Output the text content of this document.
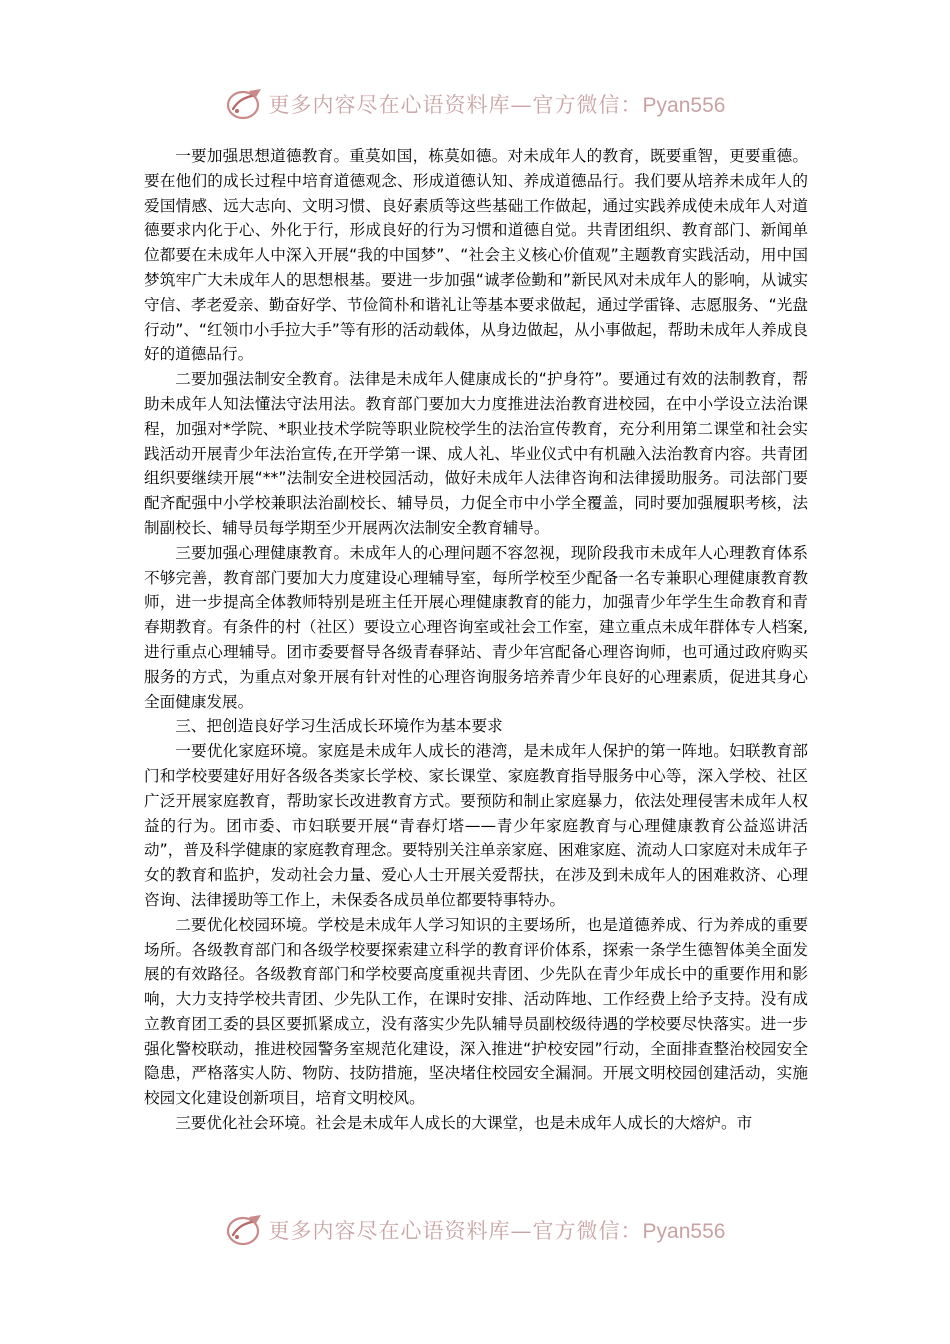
更多内容尽在心语资料库—官方微信：Pyan556

一要加强思想道德教育。重莫如国，栋莫如德。对未成年人的教育，既要重智，更要重德。要在他们的成长过程中培育道德观念、形成道德认知、养成道德品行。我们要从培养未成年人的爱国情感、远大志向、文明习惯、良好素质等这些基础工作做起，通过实践养成使未成年人对道德要求内化于心、外化于行，形成良好的行为习惯和道德自觉。共青团组织、教育部门、新闻单位都要在未成年人中深入开展“我的中国梦”、“社会主义核心价值观”主题教育实践活动，用中国梦筑牢广大未成年人的思想根基。要进一步加强“诚孝俭勤和”新民风对未成年人的影响，从诚实守信、孝老爱亲、勤奋好学、节俭简朴和谐礼让等基本要求做起，通过学雷锋、志愿服务、“光盘行动”、“红领巾小手拉大手”等有形的活动载体，从身边做起，从小事做起，帮助未成年人养成良好的道德品行。

二要加强法制安全教育。法律是未成年人健康成长的“护身符”。要通过有效的法制教育，帮助未成年人知法懂法守法用法。教育部门要加大力度推进法治教育进校园，在中小学设立法治课程，加强对*学院、*职业技术学院等职业院校学生的法治宣传教育，充分利用第二课堂和社会实践活动开展青少年法治宣传,在开学第一课、成人礼、毕业仪式中有机融入法治教育内容。共青团组织要继续开展“**”法制安全进校园活动，做好未成年人法律咨询和法律援助服务。司法部门要配齐配强中小学校兼职法治副校长、辅导员，力促全市中小学全覆盖，同时要加强履职考核，法制副校长、辅导员每学期至少开展两次法制安全教育辅导。

三要加强心理健康教育。未成年人的心理问题不容忽视，现阶段我市未成年人心理教育体系不够完善，教育部门要加大力度建设心理辅导室，每所学校至少配备一名专兼职心理健康教育教师，进一步提高全体教师特别是班主任开展心理健康教育的能力，加强青少年学生生命教育和青春期教育。有条件的村（社区）要设立心理咨询室或社会工作室，建立重点未成年群体专人档案,进行重点心理辅导。团市委要督导各级青春驿站、青少年宫配备心理咨询师，也可通过政府购买服务的方式，为重点对象开展有针对性的心理咨询服务培养青少年良好的心理素质，促进其身心全面健康发展。

三、把创造良好学习生活成长环境作为基本要求

一要优化家庭环境。家庭是未成年人成长的港湾，是未成年人保护的第一阵地。妇联教育部门和学校要建好用好各级各类家长学校、家长课堂、家庭教育指导服务中心等，深入学校、社区广泛开展家庭教育，帮助家长改进教育方式。要预防和制止家庭暴力，依法处理侵害未成年人权益的行为。团市委、市妇联要开展“青春灯塔——青少年家庭教育与心理健康教育公益巡讲活动”，普及科学健康的家庭教育理念。要特别关注单亲家庭、困难家庭、流动人口家庭对未成年子女的教育和监护，发动社会力量、爱心人士开展关爱帮扶，在涉及到未成年人的困难救济、心理咨询、法律援助等工作上，未保委各成员单位都要特事特办。

二要优化校园环境。学校是未成年人学习知识的主要场所，也是道德养成、行为养成的重要场所。各级教育部门和各级学校要探索建立科学的教育评价体系，探索一条学生德智体美全面发展的有效路径。各级教育部门和学校要高度重视共青团、少先队在青少年成长中的重要作用和影响，大力支持学校共青团、少先队工作，在课时安排、活动阵地、工作经费上给予支持。没有成立教育团工委的县区要抓紧成立，没有落实少先队辅导员副校级待遇的学校要尽快落实。进一步强化警校联动，推进校园警务室规范化建设，深入推进“护校安园”行动，全面排查整治校园安全隐患，严格落实人防、物防、技防措施，坚决堵住校园安全漏洞。开展文明校园创建活动，实施校园文化建设创新项目，培育文明校风。

三要优化社会环境。社会是未成年人成长的大课堂，也是未成年人成长的大熔炉。市

更多内容尽在心语资料库—官方微信：Pyan556
